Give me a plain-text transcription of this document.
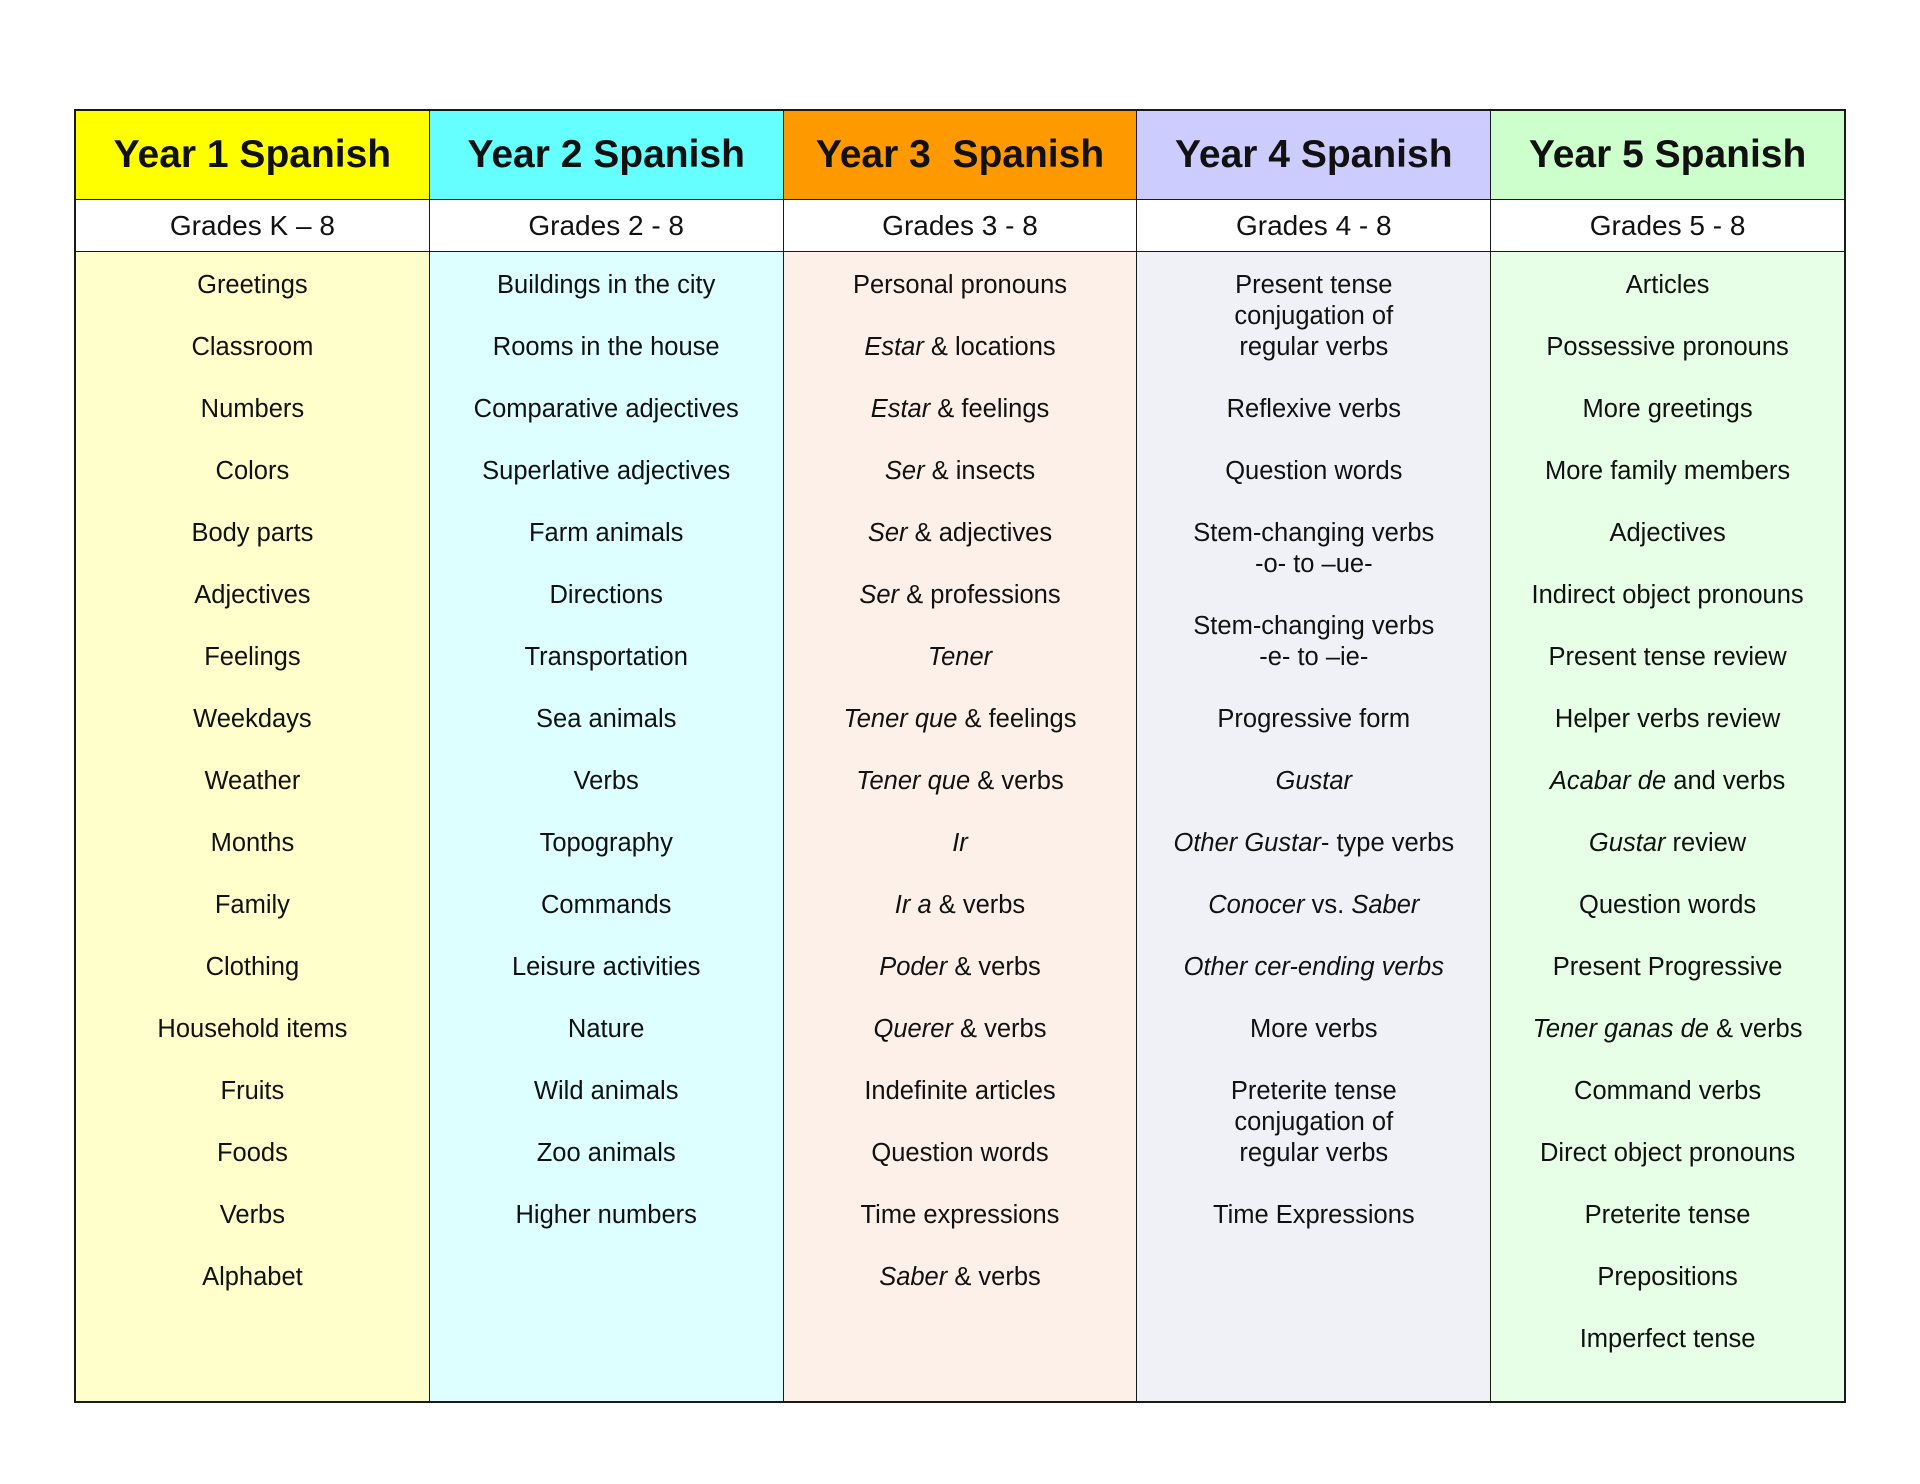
Year 1 Spanish
Grades K – 8
Greetings
Classroom
Numbers
Colors
Body parts
Adjectives
Feelings
Weekdays
Weather
Months
Family
Clothing
Household items
Fruits
Foods
Verbs
Alphabet
Year 2 Spanish
Grades 2 - 8
Buildings in the city
Rooms in the house
Comparative adjectives
Superlative adjectives
Farm animals
Directions
Transportation
Sea animals
Verbs
Topography
Commands
Leisure activities
Nature
Wild animals
Zoo animals
Higher numbers
Year 3  Spanish
Grades 3 - 8
Personal pronouns
Estar & locations
Estar & feelings
Ser & insects
Ser & adjectives
Ser & professions
Tener
Tener que & feelings
Tener que & verbs
Ir
Ir a & verbs
Poder & verbs
Querer & verbs
Indefinite articles
Question words
Time expressions
Saber & verbs
Year 4 Spanish
Grades 4 - 8
Present tense
conjugation of
regular verbs
Reflexive verbs
Question words
Stem-changing verbs
-o- to –ue-
Stem-changing verbs
-e- to –ie-
Progressive form
Gustar
Other Gustar- type verbs
Conocer vs. Saber
Other cer-ending verbs
More verbs
Preterite tense
conjugation of
regular verbs
Time Expressions
Year 5 Spanish
Grades 5 - 8
Articles
Possessive pronouns
More greetings
More family members
Adjectives
Indirect object pronouns
Present tense review
Helper verbs review
Acabar de and verbs
Gustar review
Question words
Present Progressive
Tener ganas de & verbs
Command verbs
Direct object pronouns
Preterite tense
Prepositions
Imperfect tense
